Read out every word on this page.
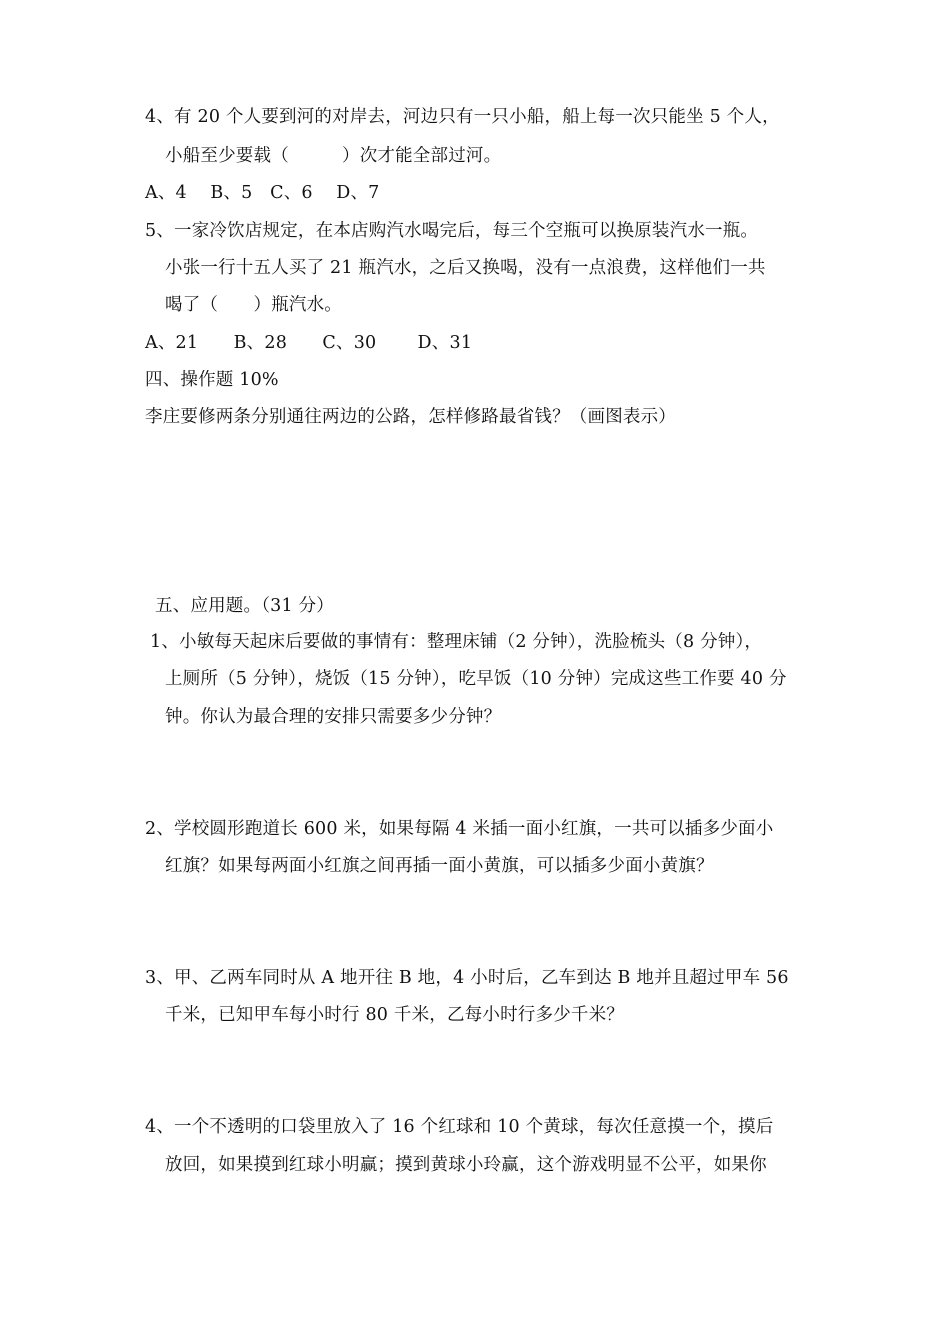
4、有 20 个人要到河的对岸去，河边只有一只小船，船上每一次只能坐 5 个人，
小船至少要载（　　　）次才能全部过河。
A、4　 B、5　C、6　 D、7
5、一家冷饮店规定，在本店购汽水喝完后，每三个空瓶可以换原装汽水一瓶。
小张一行十五人买了 21 瓶汽水，之后又换喝，没有一点浪费，这样他们一共
喝了（　　）瓶汽水。
A、21　　B、28　　C、30　　 D、31
四、操作题 10%
李庄要修两条分别通往两边的公路，怎样修路最省钱？（画图表示）
五、应用题。（31 分）
1、小敏每天起床后要做的事情有：整理床铺（2 分钟），洗脸梳头（8 分钟），
上厕所（5 分钟），烧饭（15 分钟），吃早饭（10 分钟）完成这些工作要 40 分
钟。你认为最合理的安排只需要多少分钟？
2、学校圆形跑道长 600 米，如果每隔 4 米插一面小红旗，一共可以插多少面小
红旗？如果每两面小红旗之间再插一面小黄旗，可以插多少面小黄旗？
3、甲、乙两车同时从 A 地开往 B 地，4 小时后，乙车到达 B 地并且超过甲车 56
千米，已知甲车每小时行 80 千米，乙每小时行多少千米？
4、一个不透明的口袋里放入了 16 个红球和 10 个黄球，每次任意摸一个，摸后
放回，如果摸到红球小明赢；摸到黄球小玲赢，这个游戏明显不公平，如果你
